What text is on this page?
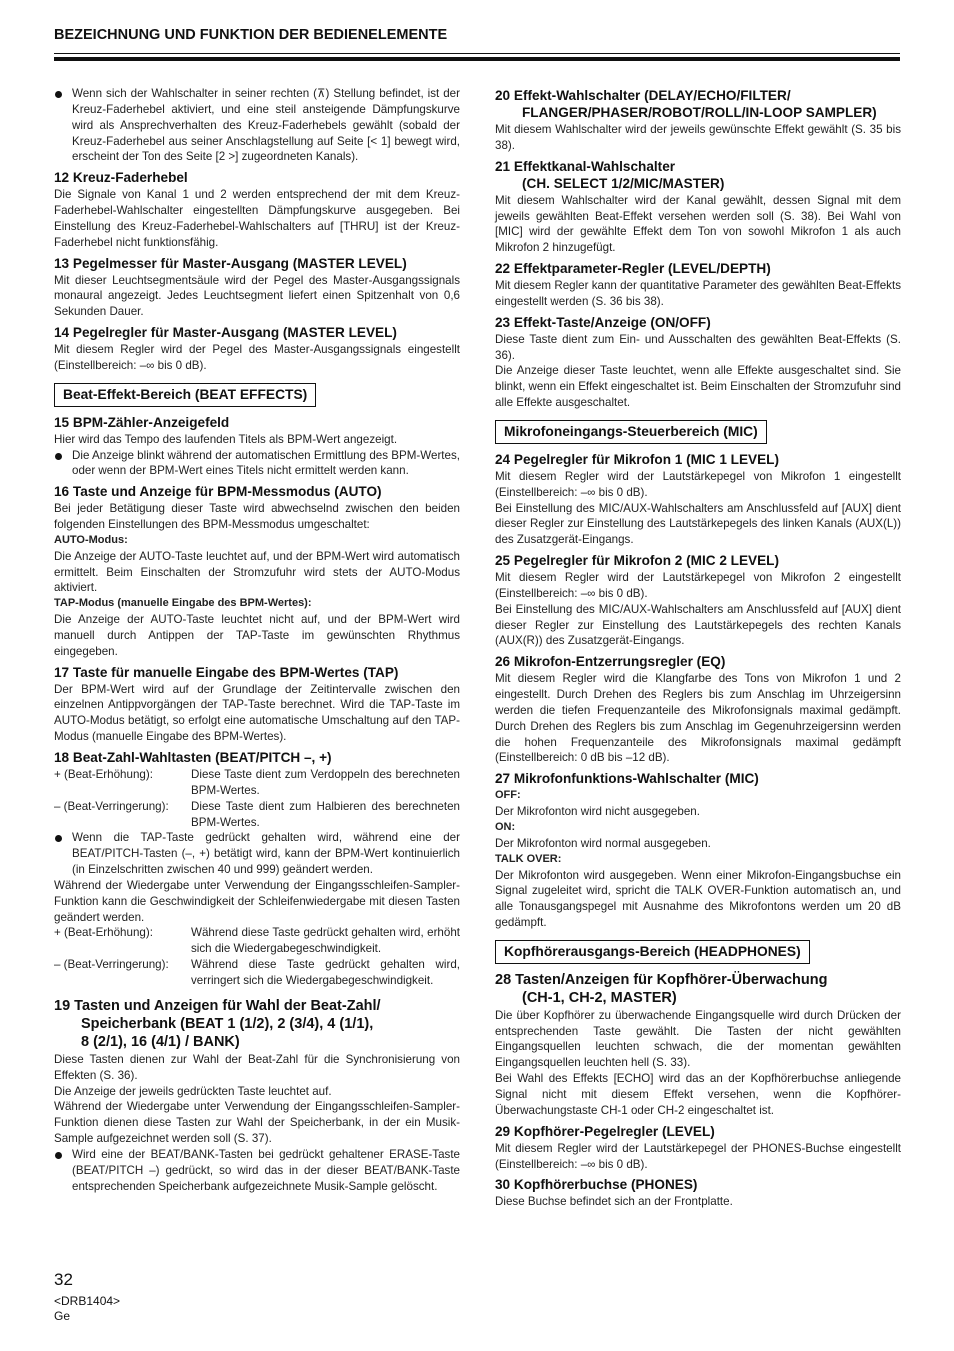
BEZEICHNUNG UND FUNKTION DER BEDIENELEMENTE
Wenn sich der Wahlschalter in seiner rechten (⊼) Stellung befindet, ist der Kreuz-Faderhebel aktiviert, und eine steil ansteigende Dämpfungskurve wird als Ansprechverhalten des Kreuz-Faderhebels gewählt (sobald der Kreuz-Faderhebel aus seiner Anschlagstellung auf Seite [< 1] bewegt wird, erscheint der Ton des Seite [2 >] zugeordneten Kanals).
12 Kreuz-Faderhebel

Die Signale von Kanal 1 und 2 werden entsprechend der mit dem Kreuz-Faderhebel-Wahlschalter eingestellten Dämpfungskurve ausgegeben. Bei Einstellung des Kreuz-Faderhebel-Wahlschalters auf [THRU] ist der Kreuz-Faderhebel nicht funktionsfähig.

13 Pegelmesser für Master-Ausgang (MASTER LEVEL)

Mit dieser Leuchtsegmentsäule wird der Pegel des Master-Ausgangssignals monaural angezeigt. Jedes Leuchtsegment liefert einen Spitzenhalt von 0,6 Sekunden Dauer.

14 Pegelregler für Master-Ausgang (MASTER LEVEL)

Mit diesem Regler wird der Pegel des Master-Ausgangssignals eingestellt (Einstellbereich: –∞ bis 0 dB).

Beat-Effekt-Bereich (BEAT EFFECTS)
15 BPM-Zähler-Anzeigefeld

Hier wird das Tempo des laufenden Titels als BPM-Wert angezeigt.

Die Anzeige blinkt während der automatischen Ermittlung des BPM-Wertes, oder wenn der BPM-Wert eines Titels nicht ermittelt werden kann.
16 Taste und Anzeige für BPM-Messmodus (AUTO)

Bei jeder Betätigung dieser Taste wird abwechselnd zwischen den beiden folgenden Einstellungen des BPM-Messmodus umgeschaltet:

AUTO-Modus:

Die Anzeige der AUTO-Taste leuchtet auf, und der BPM-Wert wird automatisch ermittelt. Beim Einschalten der Stromzufuhr wird stets der AUTO-Modus aktiviert.

TAP-Modus (manuelle Eingabe des BPM-Wertes):

Die Anzeige der AUTO-Taste leuchtet nicht auf, und der BPM-Wert wird manuell durch Antippen der TAP-Taste im gewünschten Rhythmus eingegeben.

17 Taste für manuelle Eingabe des BPM-Wertes (TAP)

Der BPM-Wert wird auf der Grundlage der Zeitintervalle zwischen den einzelnen Antippvorgängen der TAP-Taste berechnet. Wird die TAP-Taste im AUTO-Modus betätigt, so erfolgt eine automatische Umschaltung auf den TAP-Modus (manuelle Eingabe des BPM-Wertes).

18 Beat-Zahl-Wahltasten (BEAT/PITCH –, +)
+ (Beat-Erhöhung):	Diese Taste dient zum Verdoppeln des berechneten BPM-Wertes.
– (Beat-Verringerung):	Diese Taste dient zum Halbieren des berechneten BPM-Wertes.
Wenn die TAP-Taste gedrückt gehalten wird, während eine der BEAT/PITCH-Tasten (–, +) betätigt wird, kann der BPM-Wert kontinuierlich (in Einzelschritten zwischen 40 und 999) geändert werden.

Während der Wiedergabe unter Verwendung der Eingangsschleifen-Sampler-Funktion kann die Geschwindigkeit der Schleifenwiedergabe mit diesen Tasten geändert werden.

+ (Beat-Erhöhung):	Während diese Taste gedrückt gehalten wird, erhöht sich die Wiedergabegeschwindigkeit.
– (Beat-Verringerung):	Während diese Taste gedrückt gehalten wird, verringert sich die Wiedergabegeschwindigkeit.
19 Tasten und Anzeigen für Wahl der Beat-Zahl/
Speicherbank (BEAT 1 (1/2), 2 (3/4), 4 (1/1),
8 (2/1), 16 (4/1) / BANK)

Diese Tasten dienen zur Wahl der Beat-Zahl für die Synchronisierung von Effekten (S. 36).

Die Anzeige der jeweils gedrückten Taste leuchtet auf.

Während der Wiedergabe unter Verwendung der Eingangsschleifen-Sampler-Funktion dienen diese Tasten zur Wahl der Speicherbank, in der ein Musik-Sample aufgezeichnet werden soll (S. 37).

Wird eine der BEAT/BANK-Tasten bei gedrückt gehaltener ERASE-Taste (BEAT/PITCH –) gedrückt, so wird das in der dieser BEAT/BANK-Taste entsprechenden Speicherbank aufgezeichnete Musik-Sample gelöscht.
20 Effekt-Wahlschalter (DELAY/ECHO/FILTER/
FLANGER/PHASER/ROBOT/ROLL/IN-LOOP SAMPLER)

Mit diesem Wahlschalter wird der jeweils gewünschte Effekt gewählt (S. 35 bis 38).

21 Effektkanal-Wahlschalter
(CH. SELECT 1/2/MIC/MASTER)

Mit diesem Wahlschalter wird der Kanal gewählt, dessen Signal mit dem jeweils gewählten Beat-Effekt versehen werden soll (S. 38). Bei Wahl von [MIC] wird der gewählte Effekt dem Ton von sowohl Mikrofon 1 als auch Mikrofon 2 hinzugefügt.

22 Effektparameter-Regler (LEVEL/DEPTH)

Mit diesem Regler kann der quantitative Parameter des gewählten Beat-Effekts eingestellt werden (S. 36 bis 38).

23 Effekt-Taste/Anzeige (ON/OFF)

Diese Taste dient zum Ein- und Ausschalten des gewählten Beat-Effekts (S. 36).

Die Anzeige dieser Taste leuchtet, wenn alle Effekte ausgeschaltet sind. Sie blinkt, wenn ein Effekt eingeschaltet ist. Beim Einschalten der Stromzufuhr sind alle Effekte ausgeschaltet.

Mikrofoneingangs-Steuerbereich (MIC)
24 Pegelregler für Mikrofon 1 (MIC 1 LEVEL)

Mit diesem Regler wird der Lautstärkepegel von Mikrofon 1 eingestellt (Einstellbereich: –∞ bis 0 dB).

Bei Einstellung des MIC/AUX-Wahlschalters am Anschlussfeld auf [AUX] dient dieser Regler zur Einstellung des Lautstärkepegels des linken Kanals (AUX(L)) des Zusatzgerät-Eingangs.

25 Pegelregler für Mikrofon 2 (MIC 2 LEVEL)

Mit diesem Regler wird der Lautstärkepegel von Mikrofon 2 eingestellt (Einstellbereich: –∞ bis 0 dB).

Bei Einstellung des MIC/AUX-Wahlschalters am Anschlussfeld auf [AUX] dient dieser Regler zur Einstellung des Lautstärkepegels des rechten Kanals (AUX(R)) des Zusatzgerät-Eingangs.

26 Mikrofon-Entzerrungsregler (EQ)

Mit diesem Regler wird die Klangfarbe des Tons von Mikrofon 1 und 2 eingestellt. Durch Drehen des Reglers bis zum Anschlag im Uhrzeigersinn werden die tiefen Frequenzanteile des Mikrofonsignals maximal gedämpft. Durch Drehen des Reglers bis zum Anschlag im Gegenuhrzeigersinn werden die hohen Frequenzanteile des Mikrofonsignals maximal gedämpft (Einstellbereich: 0 dB bis –12 dB).

27 Mikrofonfunktions-Wahlschalter (MIC)
OFF:

Der Mikrofonton wird nicht ausgegeben.

ON:

Der Mikrofonton wird normal ausgegeben.

TALK OVER:

Der Mikrofonton wird ausgegeben. Wenn einer Mikrofon-Eingangsbuchse ein Signal zugeleitet wird, spricht die TALK OVER-Funktion automatisch an, und alle Tonausgangspegel mit Ausnahme des Mikrofontons werden um 20 dB gedämpft.

Kopfhörerausgangs-Bereich (HEADPHONES)
28 Tasten/Anzeigen für Kopfhörer-Überwachung
(CH-1, CH-2, MASTER)

Die über Kopfhörer zu überwachende Eingangsquelle wird durch Drücken der entsprechenden Taste gewählt. Die Tasten der nicht gewählten Eingangsquellen leuchten schwach, die der momentan gewählten Eingangsquellen leuchten hell (S. 33).

Bei Wahl des Effekts [ECHO] wird das an der Kopfhörerbuchse anliegende Signal nicht mit diesem Effekt versehen, wenn die Kopfhörer-Überwachungstaste CH-1 oder CH-2 eingeschaltet ist.

29 Kopfhörer-Pegelregler (LEVEL)

Mit diesem Regler wird der Lautstärkepegel der PHONES-Buchse eingestellt (Einstellbereich: –∞ bis 0 dB).

30 Kopfhörerbuchse (PHONES)

Diese Buchse befindet sich an der Frontplatte.

32
<DRB1404>
Ge
